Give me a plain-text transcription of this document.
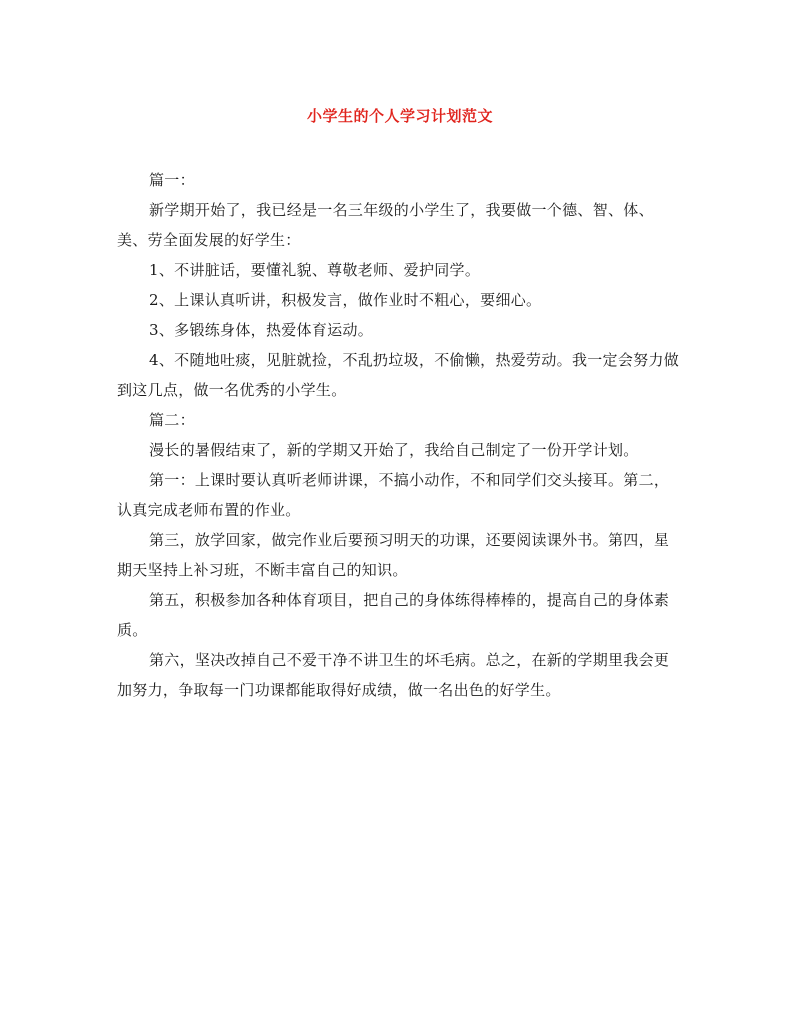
小学生的个人学习计划范文

篇一：

新学期开始了，我已经是一名三年级的小学生了，我要做一个德、智、体、美、劳全面发展的好学生：

1、不讲脏话，要懂礼貌、尊敬老师、爱护同学。

2、上课认真听讲，积极发言，做作业时不粗心，要细心。

3、多锻练身体，热爱体育运动。

4、不随地吐痰，见脏就捡，不乱扔垃圾，不偷懒，热爱劳动。我一定会努力做到这几点，做一名优秀的小学生。

篇二：

漫长的暑假结束了，新的学期又开始了，我给自己制定了一份开学计划。

第一：上课时要认真听老师讲课，不搞小动作，不和同学们交头接耳。第二，认真完成老师布置的作业。

第三，放学回家，做完作业后要预习明天的功课，还要阅读课外书。第四，星期天坚持上补习班，不断丰富自己的知识。

第五，积极参加各种体育项目，把自己的身体练得棒棒的，提高自己的身体素质。

第六，坚决改掉自己不爱干净不讲卫生的坏毛病。总之，在新的学期里我会更加努力，争取每一门功课都能取得好成绩，做一名出色的好学生。
